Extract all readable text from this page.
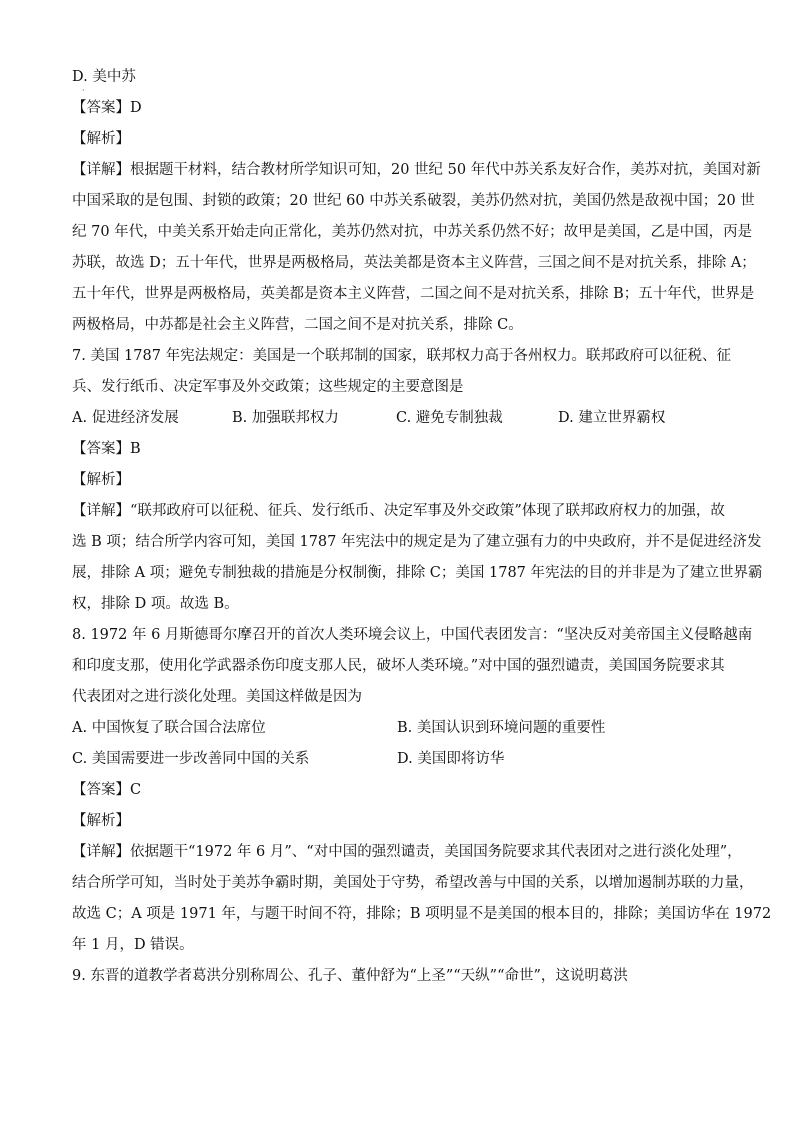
·
D. 美中苏
【答案】D
【解析】
【详解】根据题干材料，结合教材所学知识可知，20 世纪 50 年代中苏关系友好合作，美苏对抗，美国对新
中国采取的是包围、封锁的政策；20 世纪 60 中苏关系破裂，美苏仍然对抗，美国仍然是敌视中国；20 世
纪 70 年代，中美关系开始走向正常化，美苏仍然对抗，中苏关系仍然不好；故甲是美国，乙是中国，丙是
苏联，故选 D；五十年代，世界是两极格局，英法美都是资本主义阵营，三国之间不是对抗关系，排除 A；
五十年代，世界是两极格局，英美都是资本主义阵营，二国之间不是对抗关系，排除 B；五十年代，世界是
两极格局，中苏都是社会主义阵营，二国之间不是对抗关系，排除 C。
7. 美国 1787 年宪法规定：美国是一个联邦制的国家，联邦权力高于各州权力。联邦政府可以征税、征
兵、发行纸币、决定军事及外交政策；这些规定的主要意图是
A. 促进经济发展	B. 加强联邦权力	C. 避免专制独裁	D. 建立世界霸权
【答案】B
【解析】
【详解】“联邦政府可以征税、征兵、发行纸币、决定军事及外交政策”体现了联邦政府权力的加强，故
选 B 项；结合所学内容可知，美国 1787 年宪法中的规定是为了建立强有力的中央政府，并不是促进经济发
展，排除 A 项；避免专制独裁的措施是分权制衡，排除 C；美国 1787 年宪法的目的并非是为了建立世界霸
权，排除 D 项。故选 B。
8. 1972 年 6 月斯德哥尔摩召开的首次人类环境会议上，中国代表团发言：“坚决反对美帝国主义侵略越南
和印度支那，使用化学武器杀伤印度支那人民，破坏人类环境。”对中国的强烈谴责，美国国务院要求其
代表团对之进行淡化处理。美国这样做是因为
A. 中国恢复了联合国合法席位	B. 美国认识到环境问题的重要性
C. 美国需要进一步改善同中国的关系	D. 美国即将访华
【答案】C
【解析】
【详解】依据题干“1972 年 6 月”、“对中国的强烈谴责，美国国务院要求其代表团对之进行淡化处理”，
结合所学可知，当时处于美苏争霸时期，美国处于守势，希望改善与中国的关系，以增加遏制苏联的力量，
故选 C；A 项是 1971 年，与题干时间不符，排除；B 项明显不是美国的根本目的，排除；美国访华在 1972
年 1 月，D 错误。
9. 东晋的道教学者葛洪分别称周公、孔子、董仲舒为“上圣”“天纵”“命世”，这说明葛洪
